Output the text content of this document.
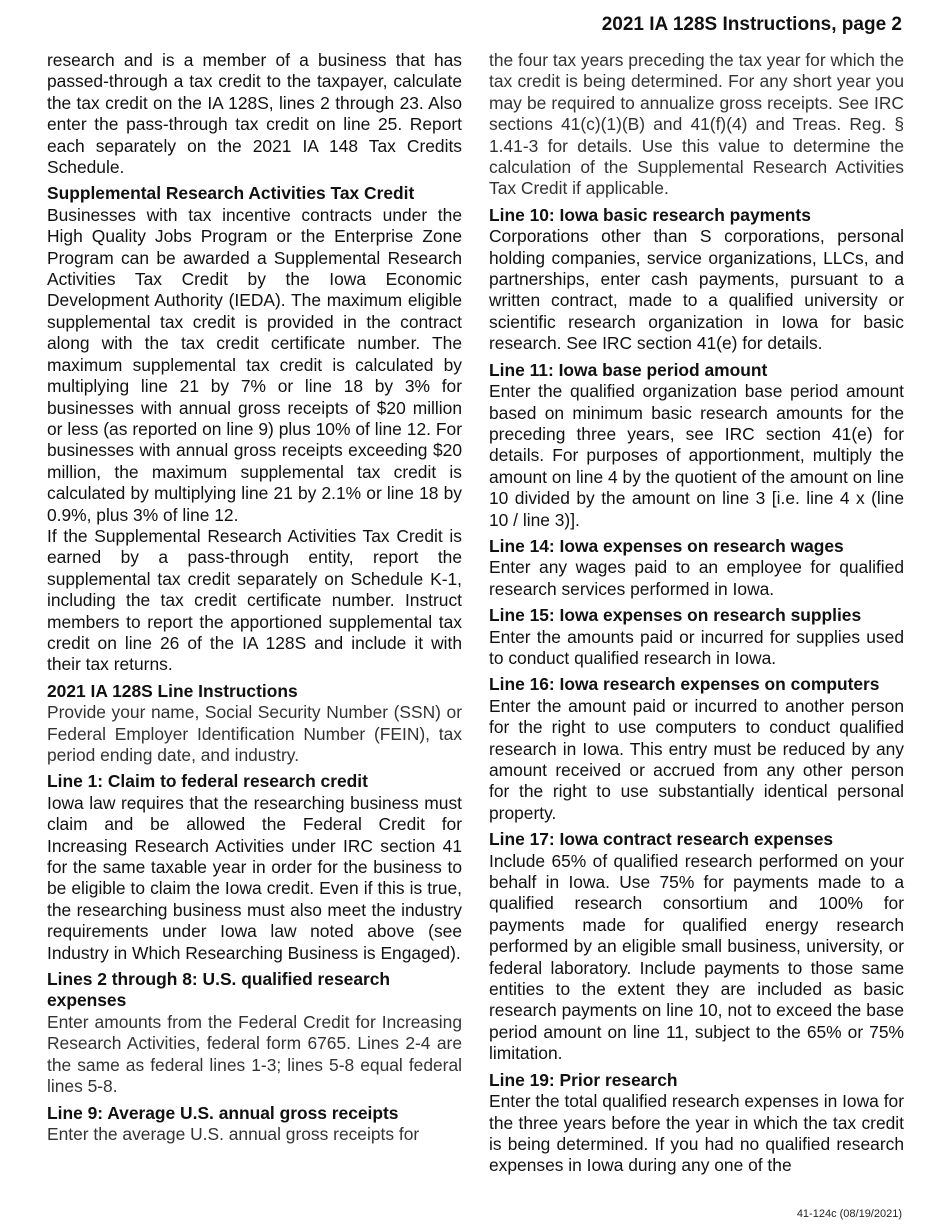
2021 IA 128S Instructions, page 2

research and is a member of a business that has passed-through a tax credit to the taxpayer, calculate the tax credit on the IA 128S, lines 2 through 23. Also enter the pass-through tax credit on line 25. Report each separately on the 2021 IA 148 Tax Credits Schedule.

Supplemental Research Activities Tax Credit

Businesses with tax incentive contracts under the High Quality Jobs Program or the Enterprise Zone Program can be awarded a Supplemental Research Activities Tax Credit by the Iowa Economic Development Authority (IEDA). The maximum eligible supplemental tax credit is provided in the contract along with the tax credit certificate number. The maximum supplemental tax credit is calculated by multiplying line 21 by 7% or line 18 by 3% for businesses with annual gross receipts of $20 million or less (as reported on line 9) plus 10% of line 12. For businesses with annual gross receipts exceeding $20 million, the maximum supplemental tax credit is calculated by multiplying line 21 by 2.1% or line 18 by 0.9%, plus 3% of line 12.

If the Supplemental Research Activities Tax Credit is earned by a pass-through entity, report the supplemental tax credit separately on Schedule K-1, including the tax credit certificate number. Instruct members to report the apportioned supplemental tax credit on line 26 of the IA 128S and include it with their tax returns.

2021 IA 128S Line Instructions

Provide your name, Social Security Number (SSN) or Federal Employer Identification Number (FEIN), tax period ending date, and industry.

Line 1: Claim to federal research credit

Iowa law requires that the researching business must claim and be allowed the Federal Credit for Increasing Research Activities under IRC section 41 for the same taxable year in order for the business to be eligible to claim the Iowa credit. Even if this is true, the researching business must also meet the industry requirements under Iowa law noted above (see Industry in Which Researching Business is Engaged).

Lines 2 through 8: U.S. qualified research expenses

Enter amounts from the Federal Credit for Increasing Research Activities, federal form 6765. Lines 2-4 are the same as federal lines 1-3; lines 5-8 equal federal lines 5-8.

Line 9: Average U.S. annual gross receipts

Enter the average U.S. annual gross receipts for

the four tax years preceding the tax year for which the tax credit is being determined. For any short year you may be required to annualize gross receipts. See IRC sections 41(c)(1)(B) and 41(f)(4) and Treas. Reg. § 1.41-3 for details. Use this value to determine the calculation of the Supplemental Research Activities Tax Credit if applicable.

Line 10: Iowa basic research payments

Corporations other than S corporations, personal holding companies, service organizations, LLCs, and partnerships, enter cash payments, pursuant to a written contract, made to a qualified university or scientific research organization in Iowa for basic research. See IRC section 41(e) for details.

Line 11: Iowa base period amount

Enter the qualified organization base period amount based on minimum basic research amounts for the preceding three years, see IRC section 41(e) for details. For purposes of apportionment, multiply the amount on line 4 by the quotient of the amount on line 10 divided by the amount on line 3 [i.e. line 4 x (line 10 / line 3)].

Line 14: Iowa expenses on research wages

Enter any wages paid to an employee for qualified research services performed in Iowa.

Line 15: Iowa expenses on research supplies

Enter the amounts paid or incurred for supplies used to conduct qualified research in Iowa.

Line 16: Iowa research expenses on computers

Enter the amount paid or incurred to another person for the right to use computers to conduct qualified research in Iowa. This entry must be reduced by any amount received or accrued from any other person for the right to use substantially identical personal property.

Line 17: Iowa contract research expenses

Include 65% of qualified research performed on your behalf in Iowa. Use 75% for payments made to a qualified research consortium and 100% for payments made for qualified energy research performed by an eligible small business, university, or federal laboratory. Include payments to those same entities to the extent they are included as basic research payments on line 10, not to exceed the base period amount on line 11, subject to the 65% or 75% limitation.

Line 19: Prior research

Enter the total qualified research expenses in Iowa for the three years before the year in which the tax credit is being determined. If you had no qualified research expenses in Iowa during any one of the

41-124c (08/19/2021)
